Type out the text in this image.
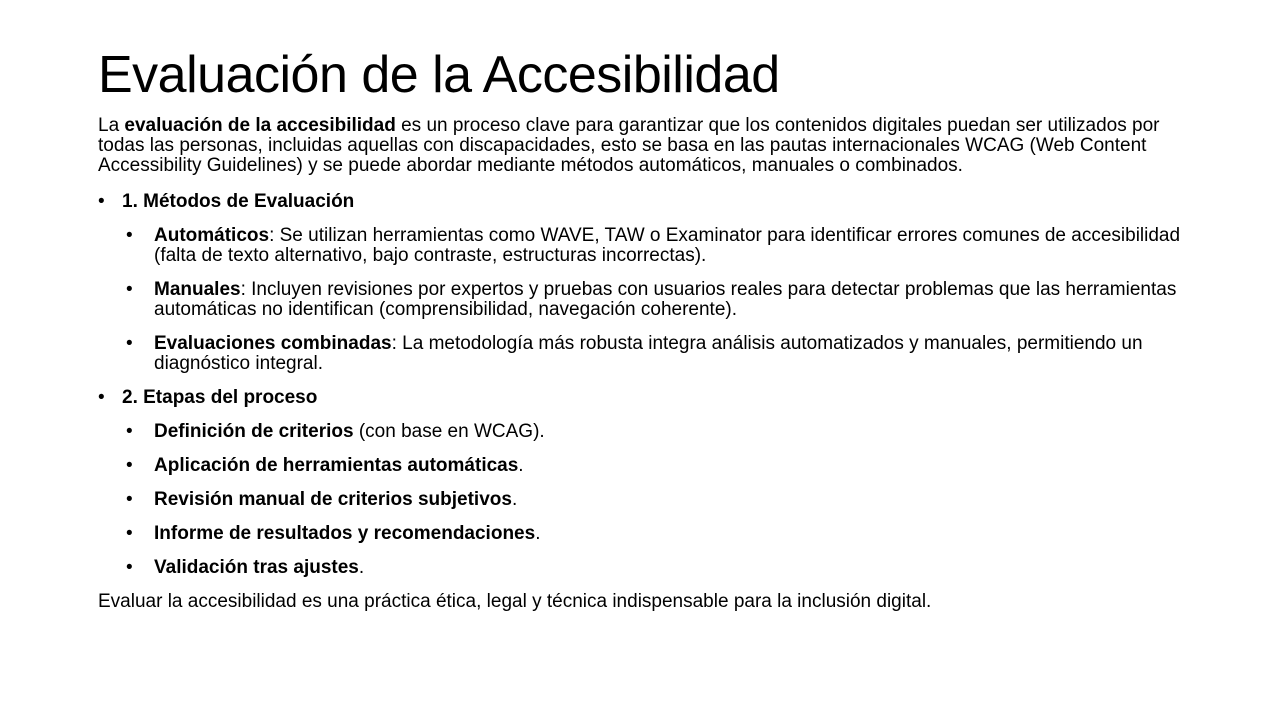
Evaluación de la Accesibilidad

La evaluación de la accesibilidad es un proceso clave para garantizar que los contenidos digitales puedan ser utilizados por todas las personas, incluidas aquellas con discapacidades, esto se basa en las pautas internacionales WCAG (Web Content Accessibility Guidelines) y se puede abordar mediante métodos automáticos, manuales o combinados.

• 1. Métodos de Evaluación

• Automáticos: Se utilizan herramientas como WAVE, TAW o Examinator para identificar errores comunes de accesibilidad (falta de texto alternativo, bajo contraste, estructuras incorrectas).

• Manuales: Incluyen revisiones por expertos y pruebas con usuarios reales para detectar problemas que las herramientas automáticas no identifican (comprensibilidad, navegación coherente).

• Evaluaciones combinadas: La metodología más robusta integra análisis automatizados y manuales, permitiendo un diagnóstico integral.

• 2. Etapas del proceso

• Definición de criterios (con base en WCAG).

• Aplicación de herramientas automáticas.

• Revisión manual de criterios subjetivos.

• Informe de resultados y recomendaciones.

• Validación tras ajustes.

Evaluar la accesibilidad es una práctica ética, legal y técnica indispensable para la inclusión digital.
